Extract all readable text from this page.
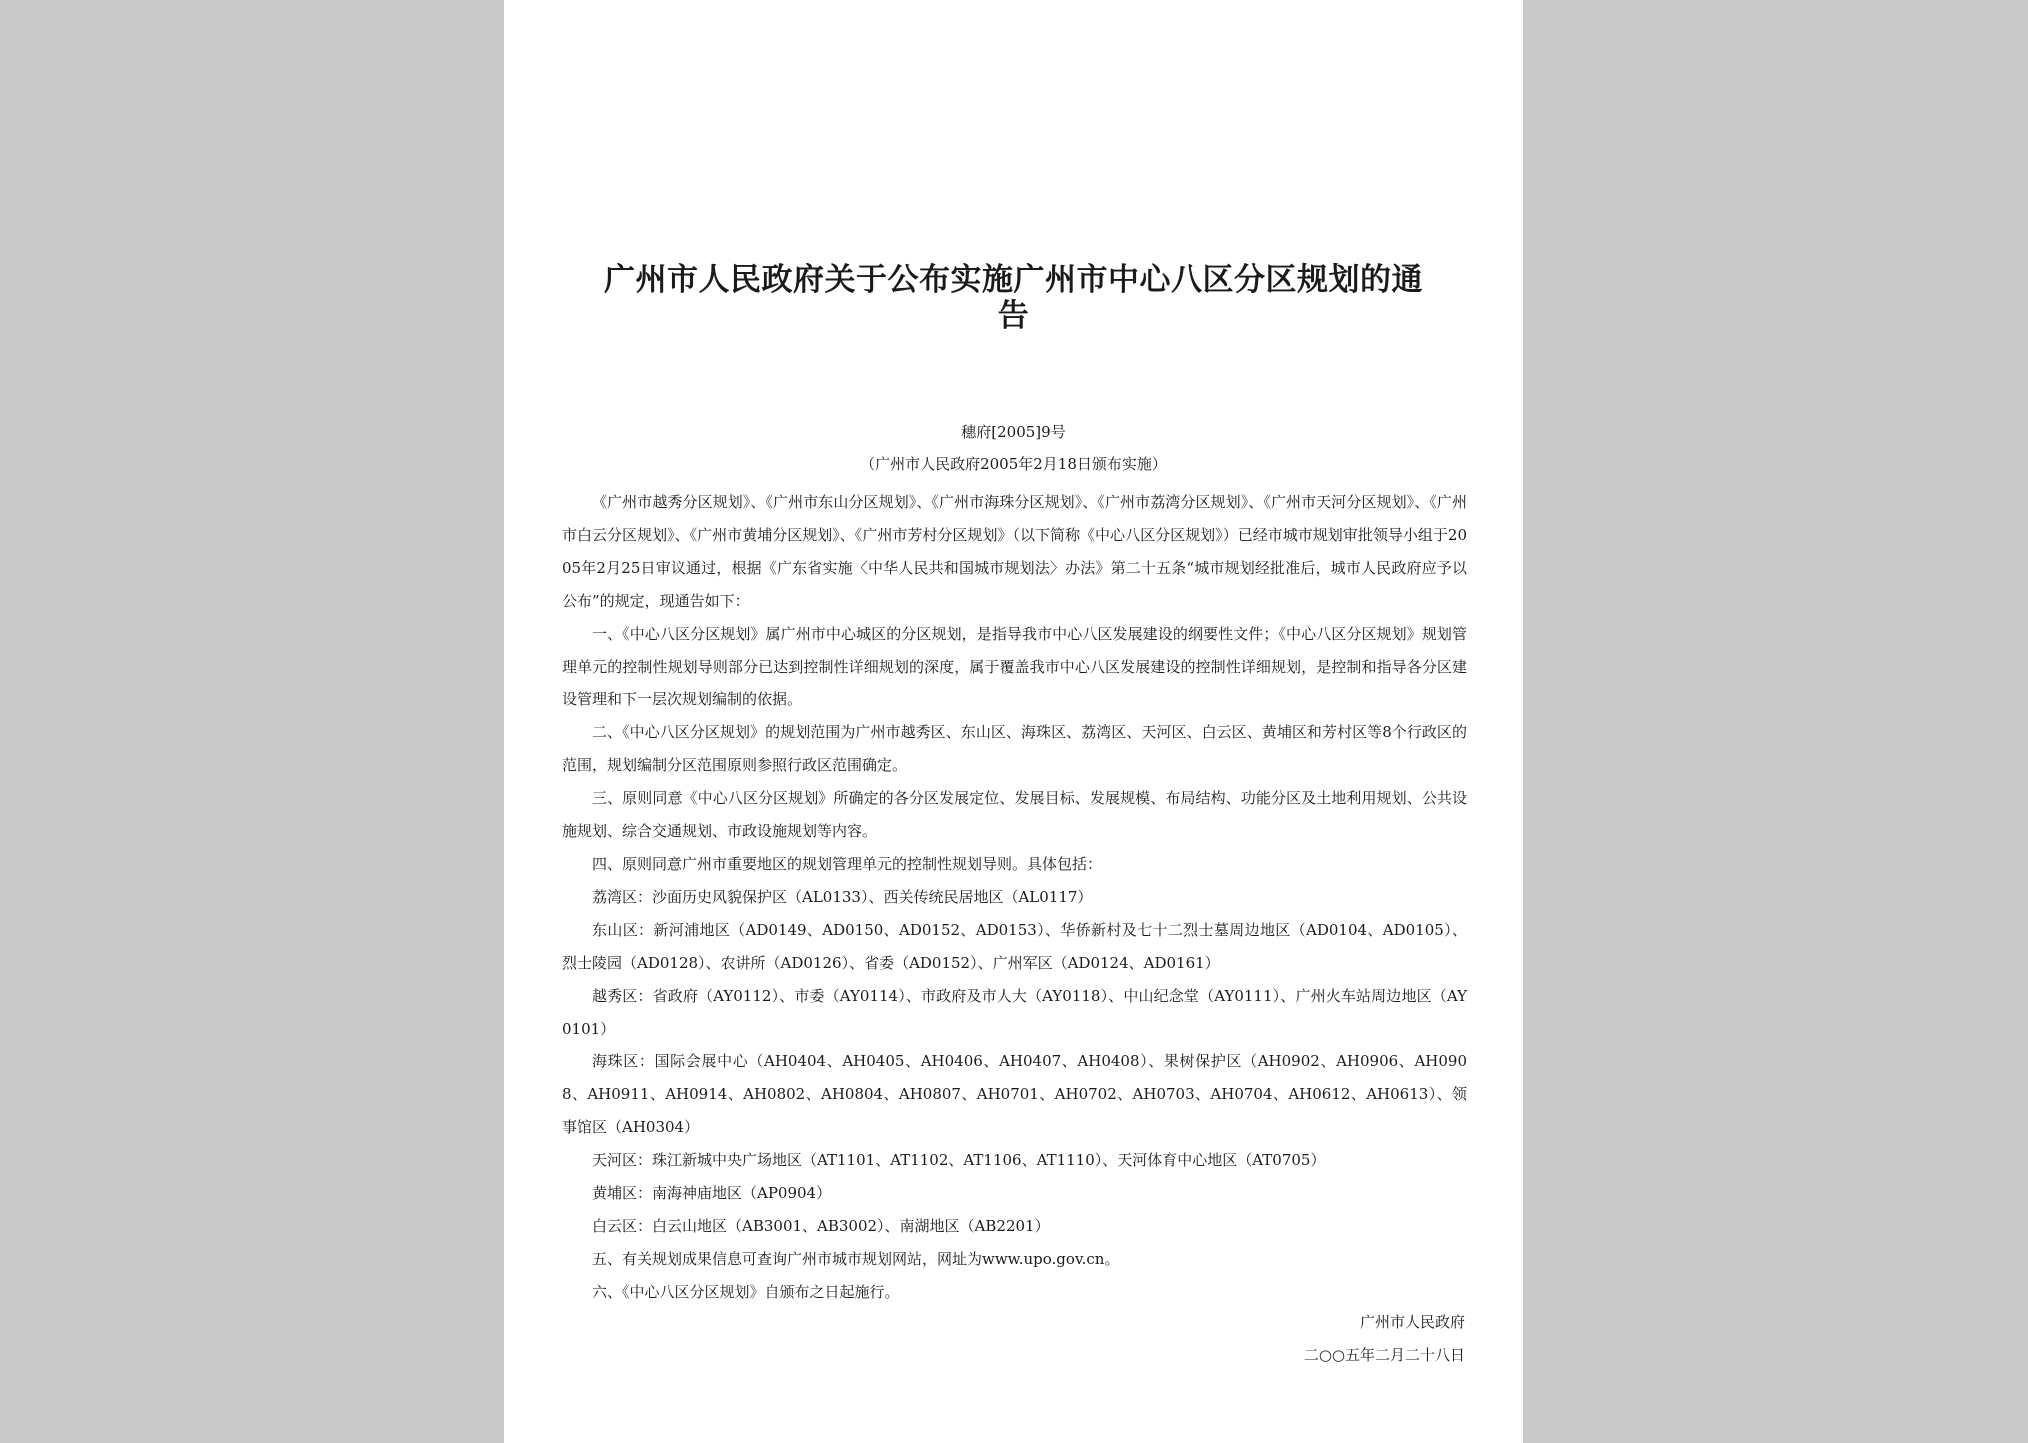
广州市人民政府关于公布实施广州市中心八区分区规划的通告
穗府[2005]9号
（广州市人民政府2005年2月18日颁布实施）

《广州市越秀分区规划》、《广州市东山分区规划》、《广州市海珠分区规划》、《广州市荔湾分区规划》、《广州市天河分区规划》、《广州市白云分区规划》、《广州市黄埔分区规划》、《广州市芳村分区规划》（以下简称《中心八区分区规划》）已经市城市规划审批领导小组于2005年2月25日审议通过，根据《广东省实施〈中华人民共和国城市规划法〉办法》第二十五条“城市规划经批准后，城市人民政府应予以公布”的规定，现通告如下：

一、《中心八区分区规划》属广州市中心城区的分区规划，是指导我市中心八区发展建设的纲要性文件；《中心八区分区规划》规划管理单元的控制性规划导则部分已达到控制性详细规划的深度，属于覆盖我市中心八区发展建设的控制性详细规划，是控制和指导各分区建设管理和下一层次规划编制的依据。

二、《中心八区分区规划》的规划范围为广州市越秀区、东山区、海珠区、荔湾区、天河区、白云区、黄埔区和芳村区等8个行政区的范围，规划编制分区范围原则参照行政区范围确定。

三、原则同意《中心八区分区规划》所确定的各分区发展定位、发展目标、发展规模、布局结构、功能分区及土地利用规划、公共设施规划、综合交通规划、市政设施规划等内容。

四、原则同意广州市重要地区的规划管理单元的控制性规划导则。具体包括：

荔湾区：沙面历史风貌保护区（AL0133）、西关传统民居地区（AL0117）

东山区：新河浦地区（AD0149、AD0150、AD0152、AD0153）、华侨新村及七十二烈士墓周边地区（AD0104、AD0105）、烈士陵园（AD0128）、农讲所（AD0126）、省委（AD0152）、广州军区（AD0124、AD0161）

越秀区：省政府（AY0112）、市委（AY0114）、市政府及市人大（AY0118）、中山纪念堂（AY0111）、广州火车站周边地区（AY0101）

海珠区：国际会展中心（AH0404、AH0405、AH0406、AH0407、AH0408）、果树保护区（AH0902、AH0906、AH0908、AH0911、AH0914、AH0802、AH0804、AH0807、AH0701、AH0702、AH0703、AH0704、AH0612、AH0613）、领事馆区（AH0304）

天河区：珠江新城中央广场地区（AT1101、AT1102、AT1106、AT1110）、天河体育中心地区（AT0705）

黄埔区：南海神庙地区（AP0904）

白云区：白云山地区（AB3001、AB3002）、南湖地区（AB2201）

五、有关规划成果信息可查询广州市城市规划网站，网址为www.upo.gov.cn。

六、《中心八区分区规划》自颁布之日起施行。

广州市人民政府
二○○五年二月二十八日
